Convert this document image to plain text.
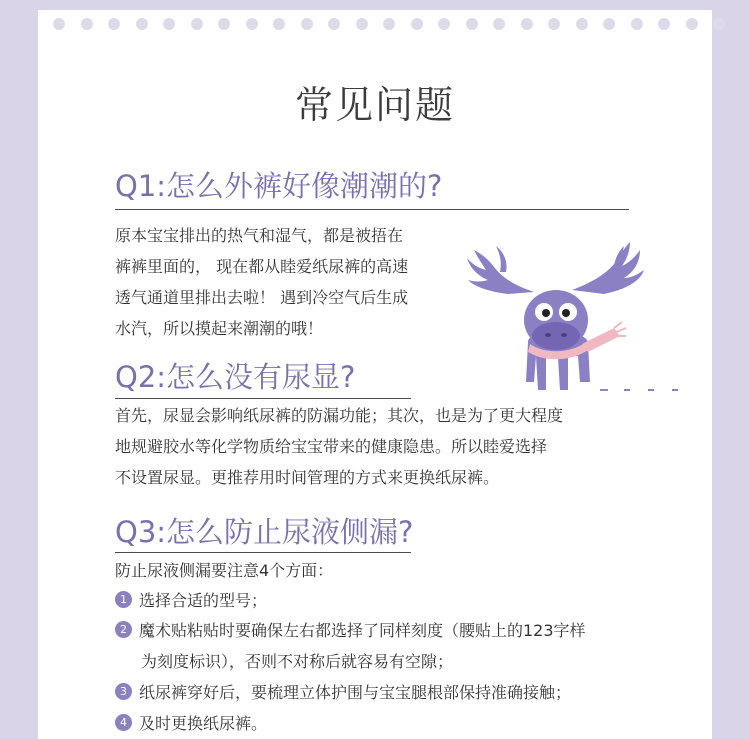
常见问题
Q1:怎么外裤好像潮潮的?
原本宝宝排出的热气和湿气，都是被捂在
裤裤里面的， 现在都从睦爱纸尿裤的高速
透气通道里排出去啦！ 遇到冷空气后生成
水汽，所以摸起来潮潮的哦！
Q2:怎么没有尿显?
首先，尿显会影响纸尿裤的防漏功能；其次，也是为了更大程度
地规避胶水等化学物质给宝宝带来的健康隐患。所以睦爱选择
不设置尿显。更推荐用时间管理的方式来更换纸尿裤。
Q3:怎么防止尿液侧漏?
防止尿液侧漏要注意4个方面：
1 选择合适的型号；
2 魔术贴粘贴时要确保左右都选择了同样刻度（腰贴上的123字样
为刻度标识），否则不对称后就容易有空隙；
3 纸尿裤穿好后，要梳理立体护围与宝宝腿根部保持准确接触；
4 及时更换纸尿裤。
